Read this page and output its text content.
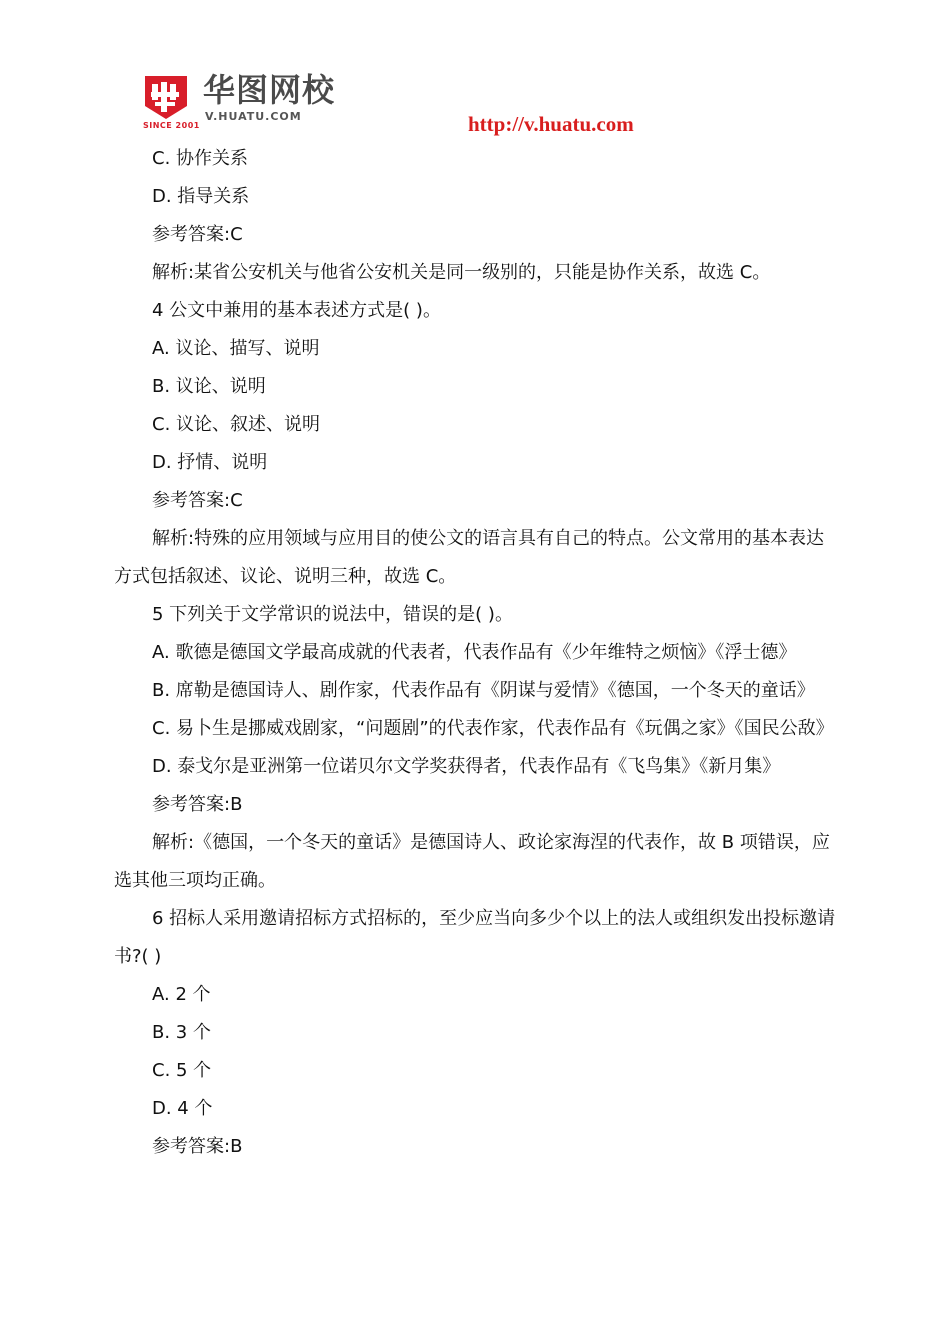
SINCE 2001
华图网校
V.HUATU.COM	http://v.huatu.com

C. 协作关系

D. 指导关系

参考答案:C

解析:某省公安机关与他省公安机关是同一级别的，只能是协作关系，故选 C。

4 公文中兼用的基本表述方式是( )。

A. 议论、描写、说明

B. 议论、说明

C. 议论、叙述、说明

D. 抒情、说明

参考答案:C

解析:特殊的应用领域与应用目的使公文的语言具有自己的特点。公文常用的基本表达方式包括叙述、议论、说明三种，故选 C。

5 下列关于文学常识的说法中，错误的是( )。

A. 歌德是德国文学最高成就的代表者，代表作品有《少年维特之烦恼》《浮士德》

B. 席勒是德国诗人、剧作家，代表作品有《阴谋与爱情》《德国，一个冬天的童话》

C. 易卜生是挪威戏剧家，“问题剧”的代表作家，代表作品有《玩偶之家》《国民公敌》

D. 泰戈尔是亚洲第一位诺贝尔文学奖获得者，代表作品有《飞鸟集》《新月集》

参考答案:B

解析:《德国，一个冬天的童话》是德国诗人、政论家海涅的代表作，故 B 项错误，应选其他三项均正确。

6 招标人采用邀请招标方式招标的，至少应当向多少个以上的法人或组织发出投标邀请书?( )

A. 2 个

B. 3 个

C. 5 个

D. 4 个

参考答案:B
